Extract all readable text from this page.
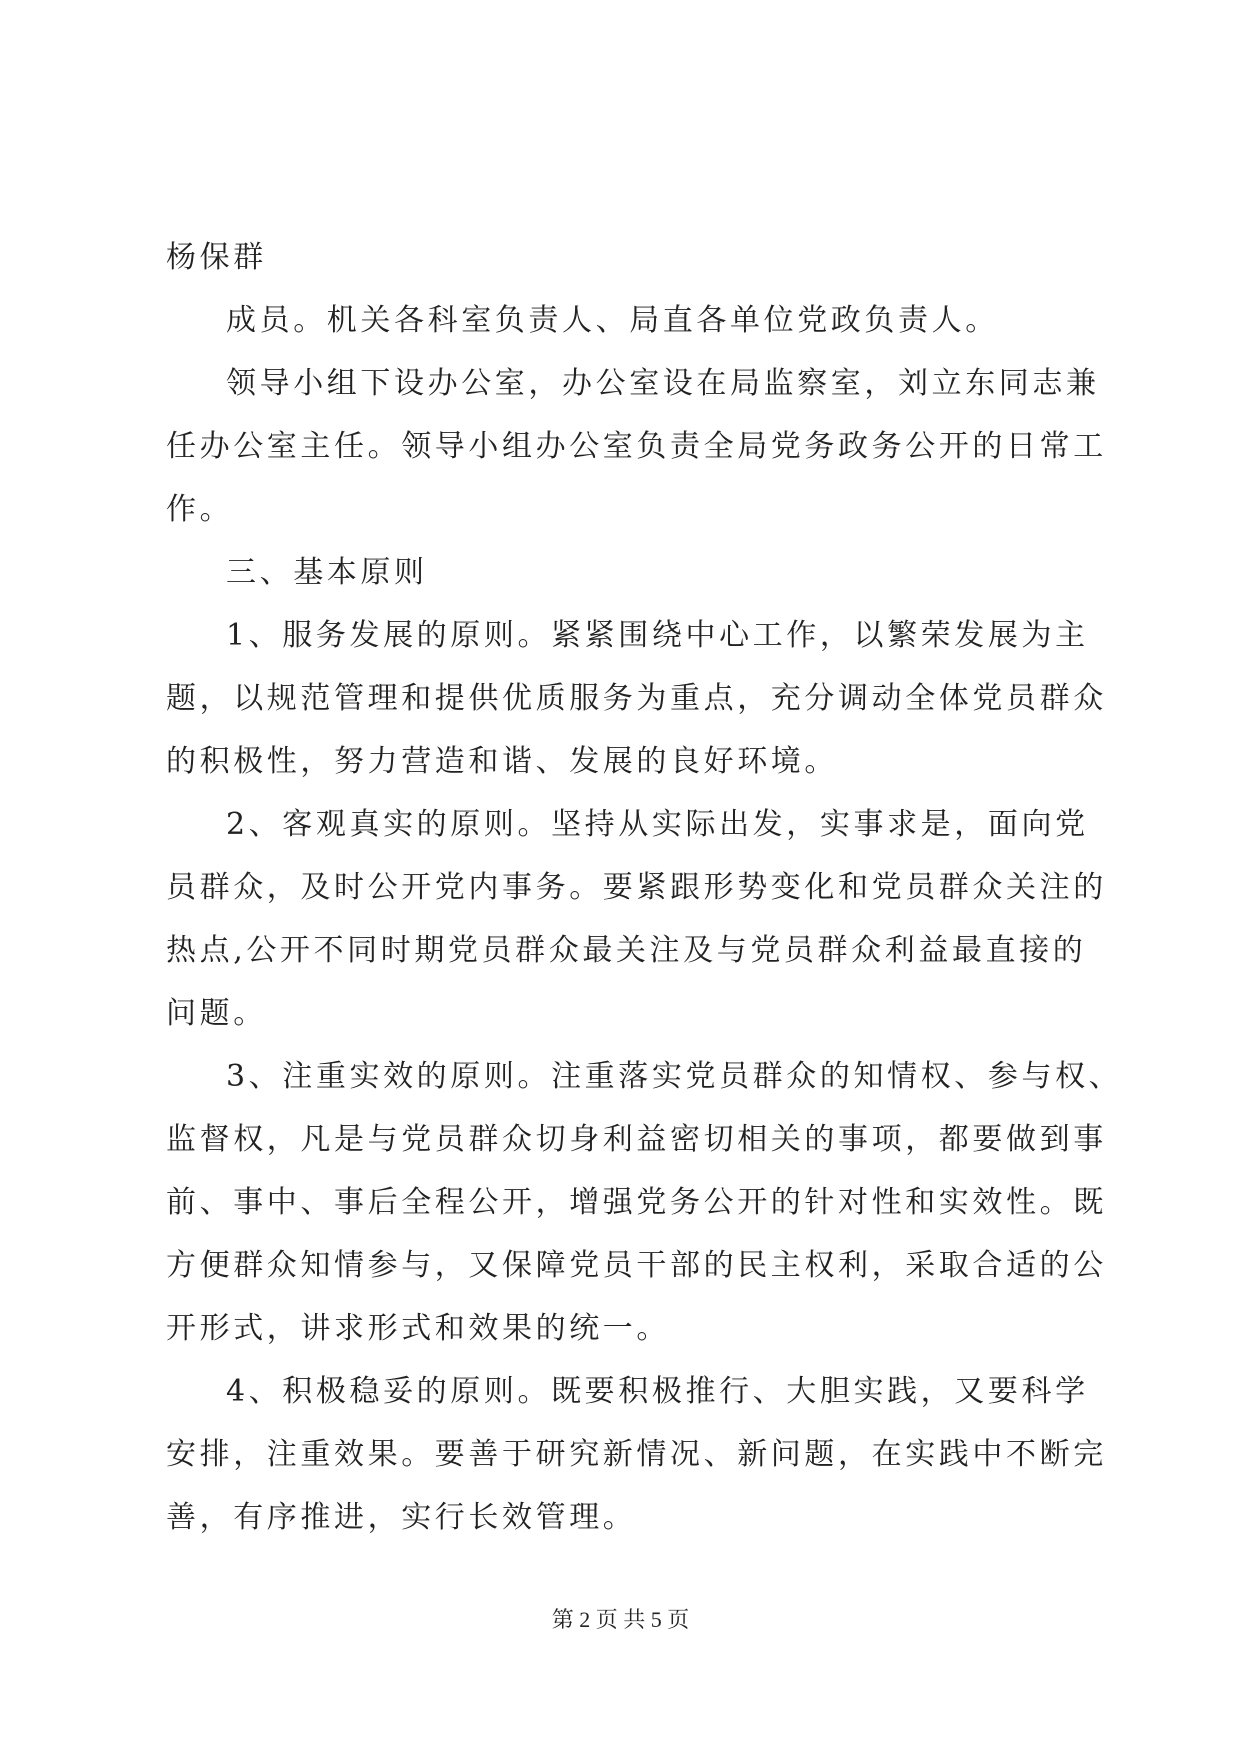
杨保群

成员。机关各科室负责人、局直各单位党政负责人。

领导小组下设办公室，办公室设在局监察室，刘立东同志兼
任办公室主任。领导小组办公室负责全局党务政务公开的日常工
作。

三、基本原则

1、服务发展的原则。紧紧围绕中心工作，以繁荣发展为主
题，以规范管理和提供优质服务为重点，充分调动全体党员群众
的积极性，努力营造和谐、发展的良好环境。

2、客观真实的原则。坚持从实际出发，实事求是，面向党
员群众，及时公开党内事务。要紧跟形势变化和党员群众关注的
热点,公开不同时期党员群众最关注及与党员群众利益最直接的
问题。

3、注重实效的原则。注重落实党员群众的知情权、参与权、
监督权，凡是与党员群众切身利益密切相关的事项，都要做到事
前、事中、事后全程公开，增强党务公开的针对性和实效性。既
方便群众知情参与，又保障党员干部的民主权利，采取合适的公
开形式，讲求形式和效果的统一。

4、积极稳妥的原则。既要积极推行、大胆实践，又要科学
安排，注重效果。要善于研究新情况、新问题，在实践中不断完
善，有序推进，实行长效管理。

第 2 页 共 5 页
